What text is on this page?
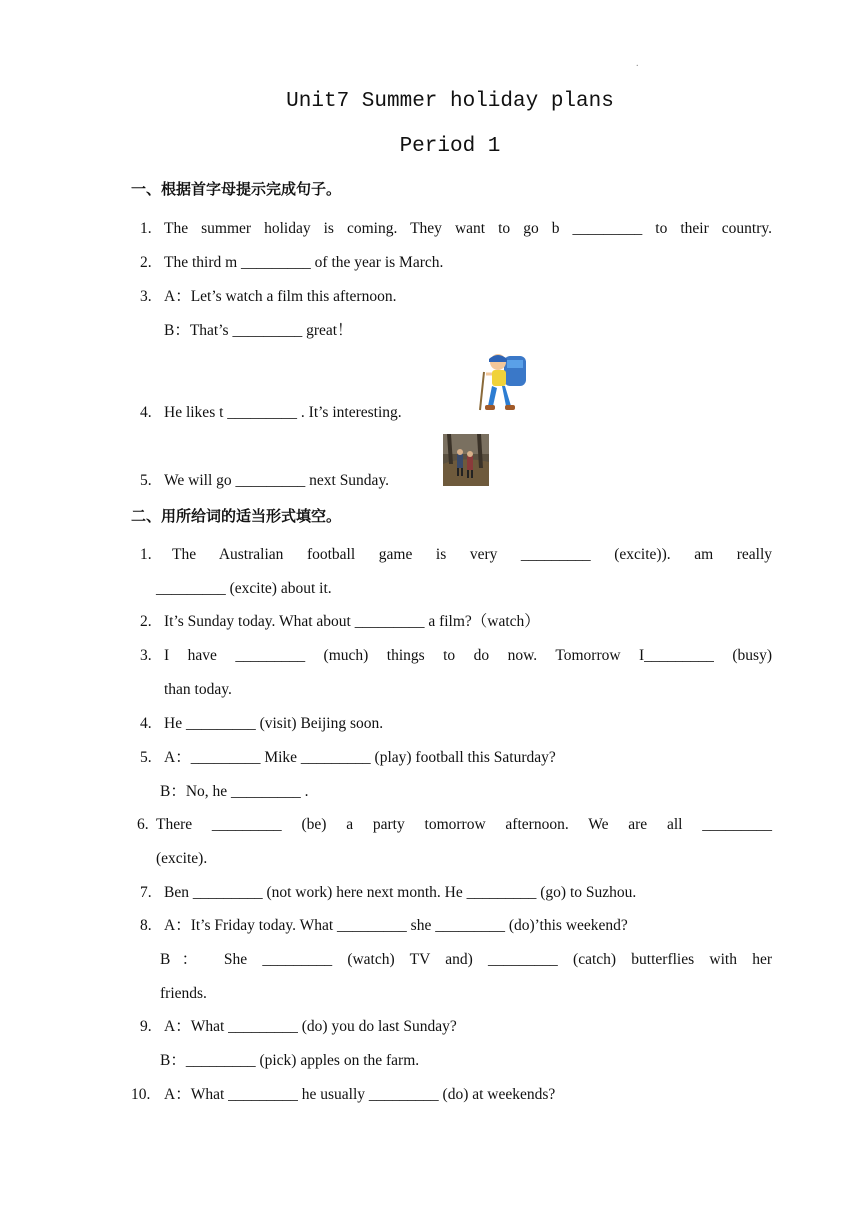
.
Unit7 Summer holiday plans
Period 1
一、根据首字母提示完成句子。
1. The summer holiday is coming. They want to go b _________ to their country.
2. The third m _________ of the year is March.
3. A：Let’s watch a film this afternoon.
B：That’s _________ great！
4. He likes t _________ . It’s interesting.
5. We will go _________ next Sunday.
二、用所给词的适当形式填空。
1. The Australian football game is very _________ (excite)). am really
_________ (excite) about it.
2. It’s Sunday today. What about _________ a film?（watch）
3. I have _________ (much) things to do now. Tomorrow I_________ (busy)
than today.
4. He _________ (visit) Beijing soon.
5. A：_________ Mike _________ (play) football this Saturday?
B：No, he _________ .
6. There _________ (be) a party tomorrow afternoon. We are all _________
(excite).
7. Ben _________ (not work) here next month. He _________ (go) to Suzhou.
8. A：It’s Friday today. What _________ she _________ (do)’this weekend?
B： She _________ (watch) TV and) _________ (catch) butterflies with her
friends.
9. A：What _________ (do) you do last Sunday?
B：_________ (pick) apples on the farm.
10. A：What _________ he usually _________ (do) at weekends?
